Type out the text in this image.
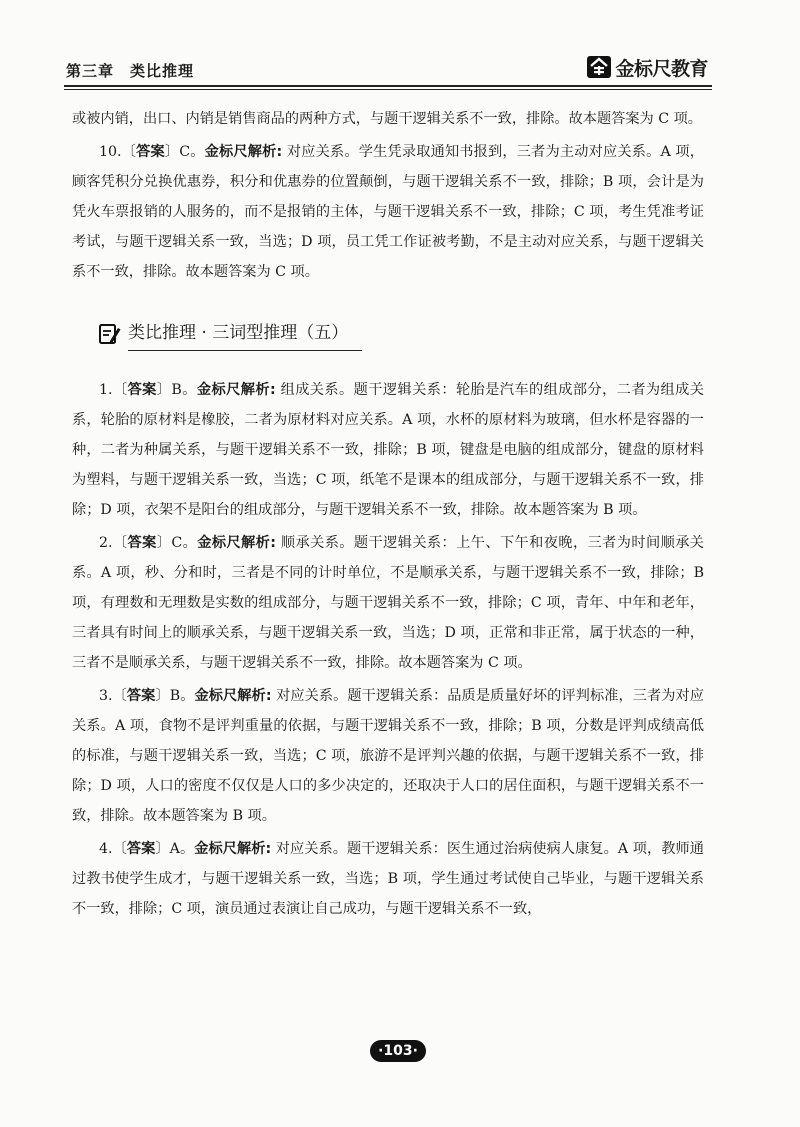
第三章　类比推理	金标尺教育

或被内销，出口、内销是销售商品的两种方式，与题干逻辑关系不一致，排除。故本题答案为 C 项。

10.〔答案〕C。金标尺解析: 对应关系。学生凭录取通知书报到，三者为主动对应关系。A 项，顾客凭积分兑换优惠券，积分和优惠券的位置颠倒，与题干逻辑关系不一致，排除；B 项，会计是为凭火车票报销的人服务的，而不是报销的主体，与题干逻辑关系不一致，排除；C 项，考生凭准考证考试，与题干逻辑关系一致，当选；D 项，员工凭工作证被考勤，不是主动对应关系，与题干逻辑关系不一致，排除。故本题答案为 C 项。

类比推理 · 三词型推理（五）

1.〔答案〕B。金标尺解析: 组成关系。题干逻辑关系：轮胎是汽车的组成部分，二者为组成关系，轮胎的原材料是橡胶，二者为原材料对应关系。A 项，水杯的原材料为玻璃，但水杯是容器的一种，二者为种属关系，与题干逻辑关系不一致，排除；B 项，键盘是电脑的组成部分，键盘的原材料为塑料，与题干逻辑关系一致，当选；C 项，纸笔不是课本的组成部分，与题干逻辑关系不一致，排除；D 项，衣架不是阳台的组成部分，与题干逻辑关系不一致，排除。故本题答案为 B 项。

2.〔答案〕C。金标尺解析: 顺承关系。题干逻辑关系：上午、下午和夜晚，三者为时间顺承关系。A 项，秒、分和时，三者是不同的计时单位，不是顺承关系，与题干逻辑关系不一致，排除；B 项，有理数和无理数是实数的组成部分，与题干逻辑关系不一致，排除；C 项，青年、中年和老年，三者具有时间上的顺承关系，与题干逻辑关系一致，当选；D 项，正常和非正常，属于状态的一种，三者不是顺承关系，与题干逻辑关系不一致，排除。故本题答案为 C 项。

3.〔答案〕B。金标尺解析: 对应关系。题干逻辑关系：品质是质量好坏的评判标准，三者为对应关系。A 项，食物不是评判重量的依据，与题干逻辑关系不一致，排除；B 项，分数是评判成绩高低的标准，与题干逻辑关系一致，当选；C 项，旅游不是评判兴趣的依据，与题干逻辑关系不一致，排除；D 项，人口的密度不仅仅是人口的多少决定的，还取决于人口的居住面积，与题干逻辑关系不一致，排除。故本题答案为 B 项。

4.〔答案〕A。金标尺解析: 对应关系。题干逻辑关系：医生通过治病使病人康复。A 项，教师通过教书使学生成才，与题干逻辑关系一致，当选；B 项，学生通过考试使自己毕业，与题干逻辑关系不一致，排除；C 项，演员通过表演让自己成功，与题干逻辑关系不一致，

·103·
